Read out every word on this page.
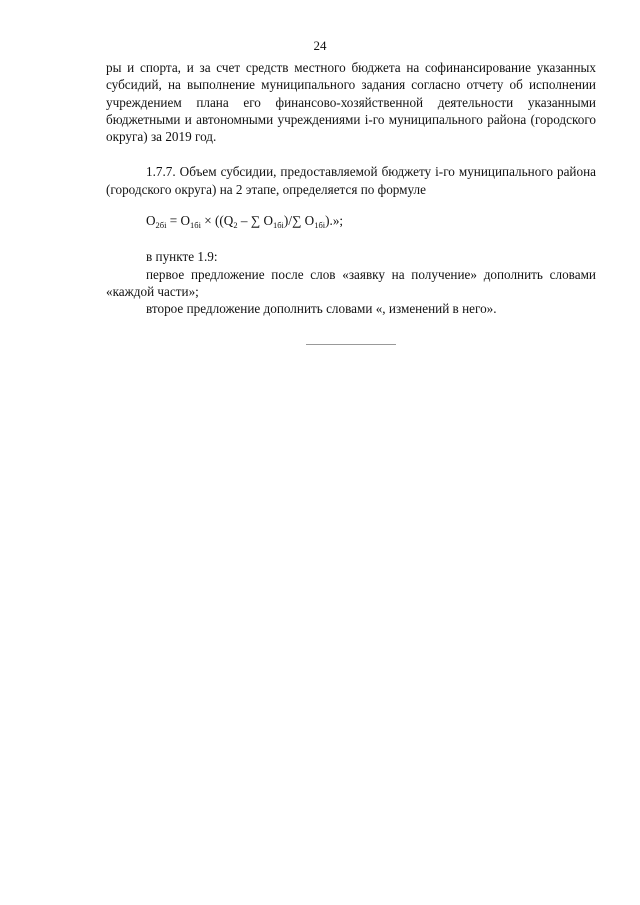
24

ры и спорта, и за счет средств местного бюджета на софинансирование указанных субсидий, на выполнение муниципального задания согласно отчету об исполнении учреждением плана его финансово-хозяйственной деятельности указанными бюджетными и автономными учреждениями i-го муниципального района (городского округа) за 2019 год.

1.7.7. Объем субсидии, предоставляемой бюджету i-го муниципального района (городского округа) на 2 этапе, определяется по формуле

$O_{2бi} = O_{1бi} \times ((Q_2$ – ∑ $O_{1бi})/\sum$ $O_{1бi}$).»;

в пункте 1.9:

первое предложение после слов «заявку на получение» дополнить словами «каждой части»;

второе предложение дополнить словами «, изменений в него».
